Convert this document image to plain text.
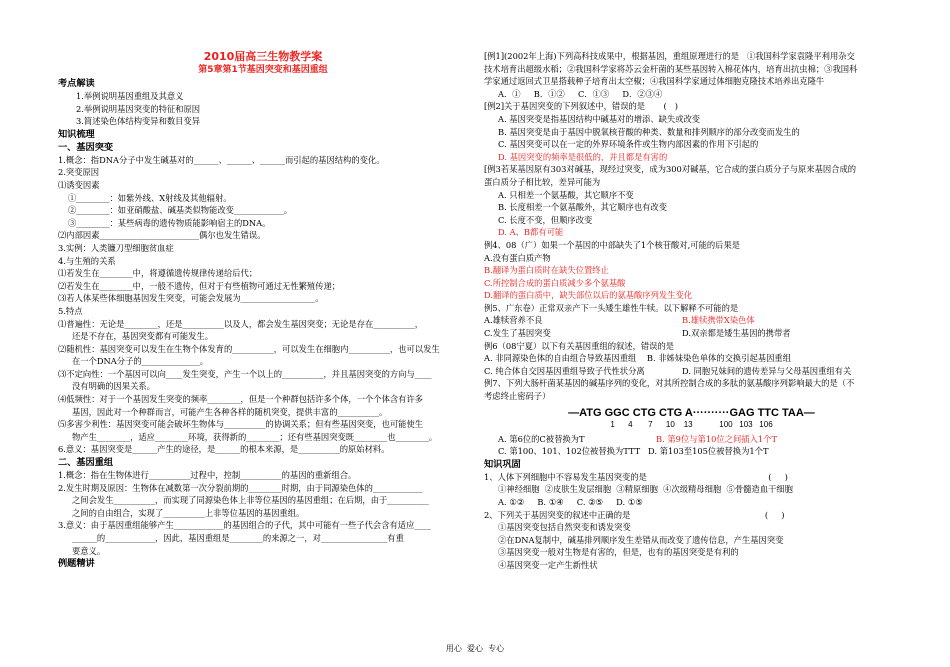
2010届高三生物教学案
第5章第1节基因突变和基因重组
考点解读
1.举例说明基因重组及其意义
2.举例说明基因突变的特征和原因
3.简述染色体结构变异和数目变异
知识梳理
一、基因突变
1.概念：指DNA分子中发生碱基对的______、______、______而引起的基因结构的变化。
2.突变原因
⑴诱变因素
①________：如紫外线、X射线及其他辐射。
②________：如亚硝酸盐、碱基类似物能改变____________。
③________：某些病毒的遗传物质能影响宿主的DNA。
⑵内部因素________________________偶尔也发生错误。
3.实例：人类镰刀型细胞贫血症
4.与生殖的关系
⑴若发生在________中，将遵循遗传规律传递给后代；
⑵若发生在________中，一般不遗传，但对于有些植物可通过无性繁殖传递；
⑶若人体某些体细胞基因发生突变，可能会发展为__________________。
5.特点
⑴普遍性：无论是________，还是__________以及人，都会发生基因突变；无论是存在__________，
还是不存在，基因突变都有可能发生。
⑵随机性：基因突变可以发生在生物个体发育的__________，可以发生在细胞内__________，也可以发生
在一个DNA分子的______________。
⑶不定向性：一个基因可以向____发生突变，产生一个以上的__________，并且基因突变的方向与____
没有明确的因果关系。
⑷低频性：对于一个基因发生突变的频率________，但是一个种群包括许多个体，一个个体含有许多
基因，因此对一个种群而言，可能产生各种各样的随机突变，提供丰富的__________。
⑸多害少利性：基因突变可能会破坏生物体与__________的协调关系；但有些基因突变，也可能使生
物产生________，适应________环境，获得新的________；还有些基因突变既________也________。
6.意义：基因突变是______产生的途径，是______的根本来源，是__________的原始材料。
二、基因重组
1.概念：指在生物体进行__________过程中，控制__________的基因的重新组合。
2.发生时期及原因：生物体在减数第一次分裂前期的________时期，由于同源染色体的____________
之间会发生__________，而实现了同源染色体上非等位基因的基因重组；在后期，由于__________
之间的自由组合，实现了__________上非等位基因的基因重组。
3.意义：由于基因重组能够产生____________的基因组合的子代，其中可能有一些子代会含有适应____
______的____________，因此，基因重组是________的来源之一，对________________有重
要意义。
例题精讲
[例1](2002年上海)下列高科技成果中，根据基因，重组原理进行的是   ①我国科学家袁隆平利用杂交
技术培育出超级水稻；②我国科学家将苏云金杆菌的某些基因转入棉花体内，培育出抗虫棉；③我国科
学家通过返回式卫星搭载种子培育出太空椒；④我国科学家通过体细胞克隆技术培养出克隆牛
A．①     B．①②     C．①③     D．②③④
[例2]关于基因突变的下列叙述中，错误的是       (   )
A. 基因突变是指基因结构中碱基对的增添、缺失或改变
B. 基因突变是由于基因中脱氧核苷酸的种类、数量和排列顺序的部分改变而发生的
C. 基因突变可以在一定的外界环境条件或生物内部因素的作用下引起的
D. 基因突变的频率是很低的，并且都是有害的
[例3若某基因原有303对碱基，现经过突变，成为300对碱基，它合成的蛋白质分子与原来基因合成的
蛋白质分子相比较，差异可能为
A. 只相差一个氨基酸，其它顺序不变
B. 长度相差一个氨基酸外，其它顺序也有改变
C. 长度不变，但顺序改变
D. A、B都有可能
例4、08（广）如果一个基因的中部缺失了1个核苷酸对,可能的后果是
A.没有蛋白质产物
B.翻译为蛋白质时在缺失位置终止
C.所控制合成的蛋白质减少多个氨基酸
D.翻译的蛋白质中，缺失部位以后的氨基酸序列发生变化
例5、广东卷）正常双亲产下一头矮生雄性牛犊。以下解释不可能的是
A.雄犊营养不良	B.雄犊携带X染色体
C.发生了基因突变	D.双亲都是矮生基因的携带者
例6（08宁夏）以下有关基因重组的叙述，错误的是
A. 非同源染色体的自由组合导致基因重组    B. 非姊妹染色单体的交换引起基因重组
C. 纯合体自交因基因重组导致子代性状分离	D. 同胞兄妹间的遗传差异与父母基因重组有关
例7、下列大肠杆菌某基因的碱基序列的变化，对其所控制合成的多肽的氨基酸序列影响最大的是（不
考虑终止密码子）
—ATG GGC CTG CTG A··········GAG TTC TAA—
1      4       7      10    13            100   103   106
A. 第6位的C被替换为T	B. 第9位与第10位之间插入1个T
C. 第100、101、102位被替换为TTT   D. 第103至105位被替换为1个T
知识巩固
1、人体下列细胞中不容易发生基因突变的是                                              (     )
①神经细胞  ②皮肤生发层细胞  ③精原细胞  ④次级精母细胞  ⑤骨髓造血干细胞
A. ①②     B. ①④     C. ②⑤     D. ①⑤
2、下列关于基因突变的叙述中正确的是                                                   (     )
①基因突变包括自然突变和诱发突变
②在DNA复制中，碱基排列顺序发生差错从而改变了遗传信息，产生基因突变
③基因突变一般对生物是有害的，但是，也有的基因突变是有利的
④基因突变一定产生新性状
用心  爱心  专心
